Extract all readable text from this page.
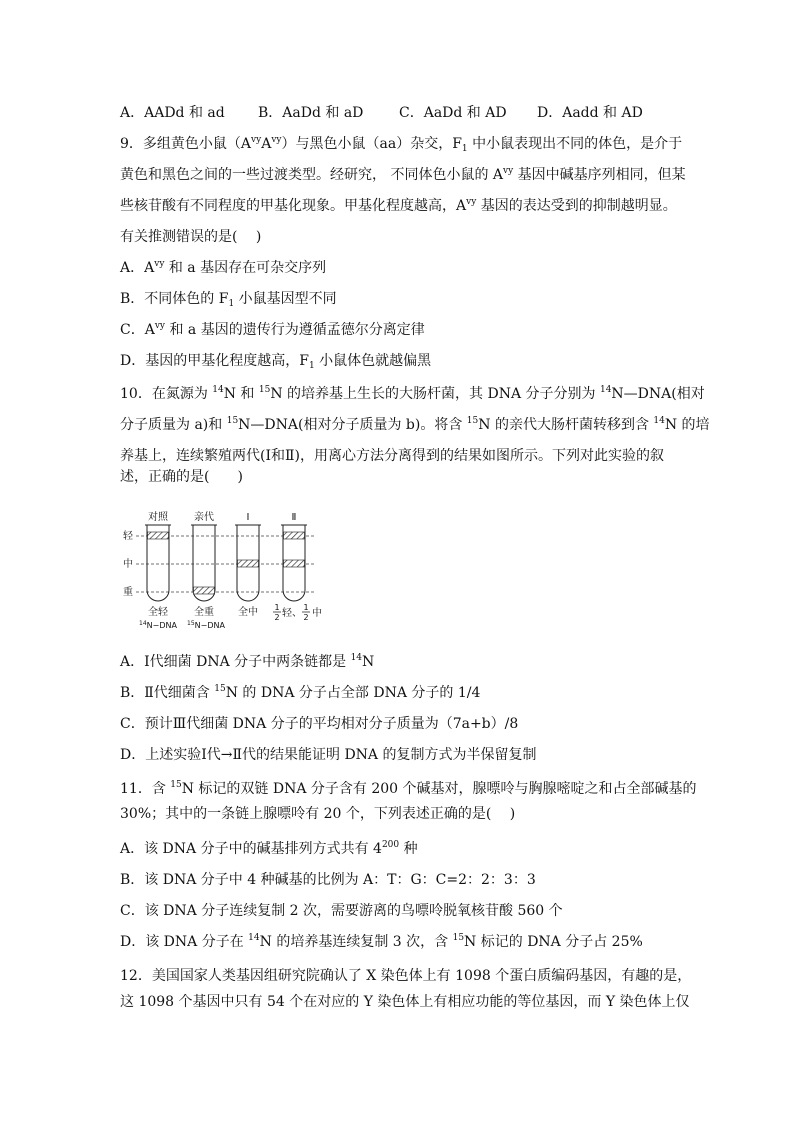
A．AADd 和 ad B．AaDd 和 aD	C．AaDd 和 AD D．Aadd 和 AD
9．多组黄色小鼠$(A^{vy}A^{vy})$与黑色小鼠（aa）杂交，$F_1$ 中小鼠表现出不同的体色，是介于
黄色和黑色之间的一些过渡类型。经研究， 不同体色小鼠的 $A^{vy}$ 基因中碱基序列相同，但某
些核苷酸有不同程度的甲基化现象。甲基化程度越高，$A^{vy}$ 基因的表达受到的抑制越明显。
有关推测错误的是(　 )
A．$A^{vy}$ 和 a 基因存在可杂交序列
B．不同体色的 $F_1$ 小鼠基因型不同
C．$A^{vy}$ 和 a 基因的遗传行为遵循孟德尔分离定律
D．基因的甲基化程度越高，$F_1$ 小鼠体色就越偏黑
10．在氮源为 $^{14}$N 和 $^{15}$N 的培养基上生长的大肠杆菌，其 DNA 分子分别为 $^{14}$N—DNA(相对
分子质量为 a)和 $^{15}$N—DNA(相对分子质量为 b)。将含 $^{15}$N 的亲代大肠杆菌转移到含 $^{14}$N 的培
养基上，连续繁殖两代(Ⅰ和Ⅱ)，用离心方法分离得到的结果如图所示。下列对此实验的叙
述，正确的是(　　)
对照	亲代	Ⅰ	Ⅱ
轻
中
重
全轻
$^{14}$N−DNA
全重
$^{15}$N−DNA
全中 1
2 轻、
1
2 中
A．Ⅰ代细菌 DNA 分子中两条链都是 $^{14}$N
B．Ⅱ代细菌含 $^{15}$N 的 DNA 分子占全部 DNA 分子的 1/4
C．预计Ⅲ代细菌 DNA 分子的平均相对分子质量为（7a+b）/8
D．上述实验Ⅰ代→Ⅱ代的结果能证明 DNA 的复制方式为半保留复制
11．含 $^{15}$N 标记的双链 DNA 分子含有 200 个碱基对，腺嘌呤与胸腺嘧啶之和占全部碱基的
30%；其中的一条链上腺嘌呤有 20 个，下列表述正确的是(　 )
A．该 DNA 分子中的碱基排列方式共有 $4^{200}$ 种
B．该 DNA 分子中 4 种碱基的比例为 A：T：G：C=2：2：3：3
C．该 DNA 分子连续复制 2 次，需要游离的鸟嘌呤脱氧核苷酸 560 个
D．该 DNA 分子在 $^{14}$N 的培养基连续复制 3 次，含 $^{15}$N 标记的 DNA 分子占 25%
12．美国国家人类基因组研究院确认了 X 染色体上有 1098 个蛋白质编码基因，有趣的是，
这 1098 个基因中只有 54 个在对应的 Y 染色体上有相应功能的等位基因，而 Y 染色体上仅
